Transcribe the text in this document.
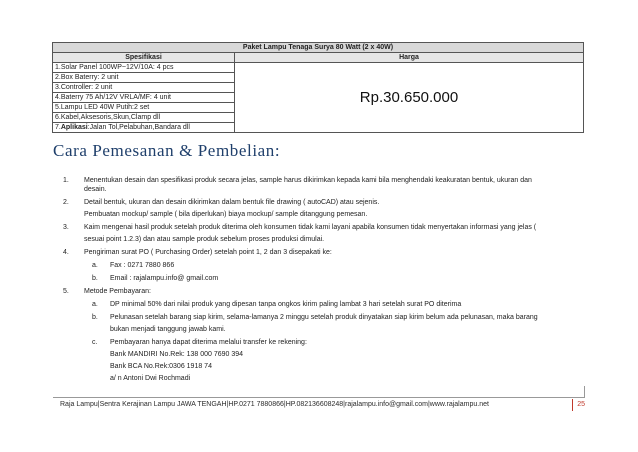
Paket Lampu Tenaga Surya 80 Watt (2 x 40W)	
Spesifikasi	Harga
1.Solar Panel 100WP~12V/10A: 4 pcs	Rp.30.650.000
2.Box Baterry: 2 unit	
3.Controller: 2 unit	
4.Baterry 75 Ah/12V VRLA/MF: 4 unit	
5.Lampu LED 40W Putih:2 set	
6.Kabel,Aksesoris,Skun,Clamp dll	
7.Aplikasi:Jalan Tol,Pelabuhan,Bandara dll	
Cara Pemesanan & Pembelian:
1. Menentukan desain dan spesifikasi produk secara jelas, sample harus dikirimkan kepada kami bila menghendaki keakuratan bentuk, ukuran dan
desain.
2. Detail bentuk, ukuran dan desain dikirimkan dalam bentuk file drawing ( autoCAD) atau sejenis.
Pembuatan mockup/ sample ( bila diperlukan) biaya mockup/ sample ditanggung pemesan.
3. Kaim mengenai hasil produk setelah produk diterima oleh konsumen tidak kami layani apabila konsumen tidak menyertakan informasi yang jelas (
sesuai point 1.2.3) dan atau sample produk sebelum proses produksi dimulai.
4. Pengiriman surat PO ( Purchasing Order) setelah point 1, 2 dan 3 disepakati ke:
a. Fax : 0271 7880 866
b. Email : rajalampu.info@ gmail.com
5. Metode Pembayaran:
a. DP minimal 50% dari nilai produk yang dipesan tanpa ongkos kirim paling lambat 3 hari setelah surat PO diterima
b. Pelunasan setelah barang siap kirim, selama-lamanya 2 minggu setelah produk dinyatakan siap kirim belum ada pelunasan, maka barang
bukan menjadi tanggung jawab kami.
c. Pembayaran hanya dapat diterima melalui transfer ke rekening:
Bank MANDIRI No.Rek: 138 000 7690 394
Bank BCA No.Rek:0306 1918 74
a/ n Antoni Dwi Rochmadi
Raja Lampu|Sentra Kerajinan Lampu JAWA TENGAH|HP.0271 7880866|HP.082136608248|rajalampu.info@gmail.com|www.rajalampu.net	25
